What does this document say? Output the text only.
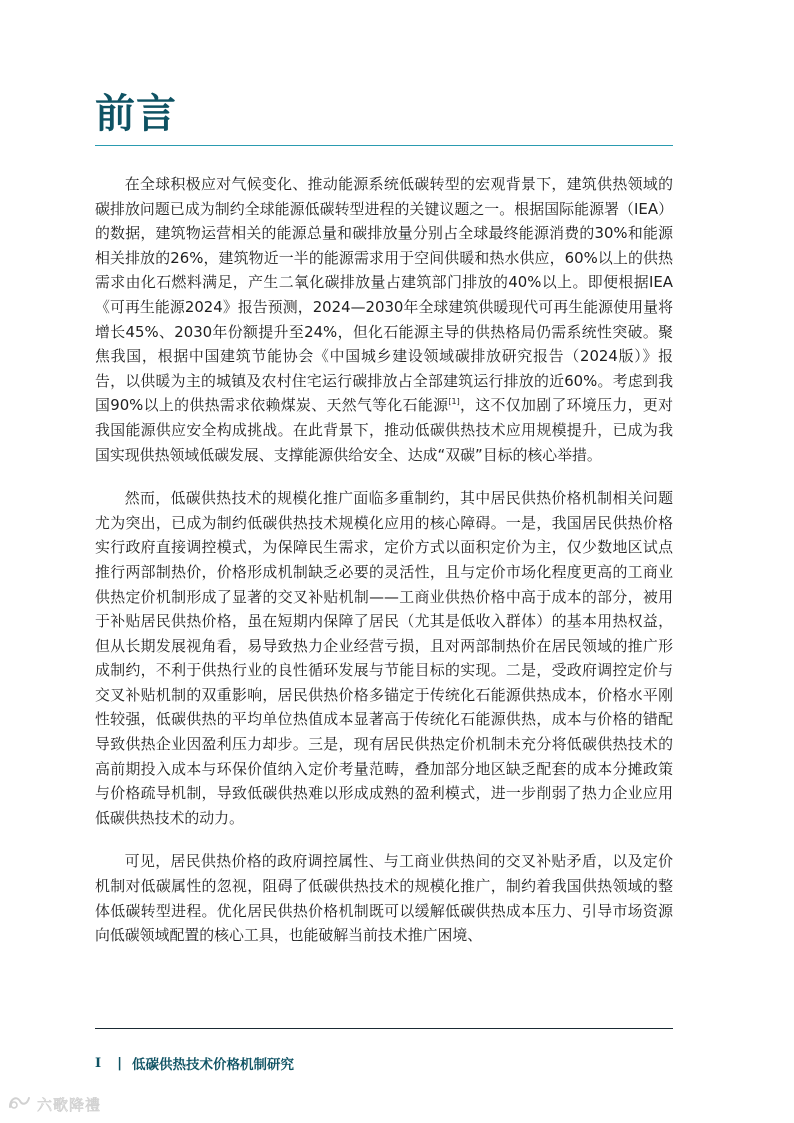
前言

在全球积极应对气候变化、推动能源系统低碳转型的宏观背景下，建筑供热领域的碳排放问题已成为制约全球能源低碳转型进程的关键议题之一。根据国际能源署（IEA）的数据，建筑物运营相关的能源总量和碳排放量分别占全球最终能源消费的30%和能源相关排放的26%，建筑物近一半的能源需求用于空间供暖和热水供应，60%以上的供热需求由化石燃料满足，产生二氧化碳排放量占建筑部门排放的40%以上。即便根据IEA《可再生能源2024》报告预测，2024—2030年全球建筑供暖现代可再生能源使用量将增长45%、2030年份额提升至24%，但化石能源主导的供热格局仍需系统性突破。聚焦我国，根据中国建筑节能协会《中国城乡建设领域碳排放研究报告（2024版）》报告，以供暖为主的城镇及农村住宅运行碳排放占全部建筑运行排放的近60%。考虑到我国90%以上的供热需求依赖煤炭、天然气等化石能源[1]，这不仅加剧了环境压力，更对我国能源供应安全构成挑战。在此背景下，推动低碳供热技术应用规模提升，已成为我国实现供热领域低碳发展、支撑能源供给安全、达成“双碳”目标的核心举措。

然而，低碳供热技术的规模化推广面临多重制约，其中居民供热价格机制相关问题尤为突出，已成为制约低碳供热技术规模化应用的核心障碍。一是，我国居民供热价格实行政府直接调控模式，为保障民生需求，定价方式以面积定价为主，仅少数地区试点推行两部制热价，价格形成机制缺乏必要的灵活性，且与定价市场化程度更高的工商业供热定价机制形成了显著的交叉补贴机制——工商业供热价格中高于成本的部分，被用于补贴居民供热价格，虽在短期内保障了居民（尤其是低收入群体）的基本用热权益，但从长期发展视角看，易导致热力企业经营亏损，且对两部制热价在居民领域的推广形成制约，不利于供热行业的良性循环发展与节能目标的实现。二是，受政府调控定价与交叉补贴机制的双重影响，居民供热价格多锚定于传统化石能源供热成本，价格水平刚性较强，低碳供热的平均单位热值成本显著高于传统化石能源供热，成本与价格的错配导致供热企业因盈利压力却步。三是，现有居民供热定价机制未充分将低碳供热技术的高前期投入成本与环保价值纳入定价考量范畴，叠加部分地区缺乏配套的成本分摊政策与价格疏导机制，导致低碳供热难以形成成熟的盈利模式，进一步削弱了热力企业应用低碳供热技术的动力。

可见，居民供热价格的政府调控属性、与工商业供热间的交叉补贴矛盾，以及定价机制对低碳属性的忽视，阻碍了低碳供热技术的规模化推广，制约着我国供热领域的整体低碳转型进程。优化居民供热价格机制既可以缓解低碳供热成本压力、引导市场资源向低碳领域配置的核心工具，也能破解当前技术推广困境、

I | 低碳供热技术价格机制研究
六歌降禮
